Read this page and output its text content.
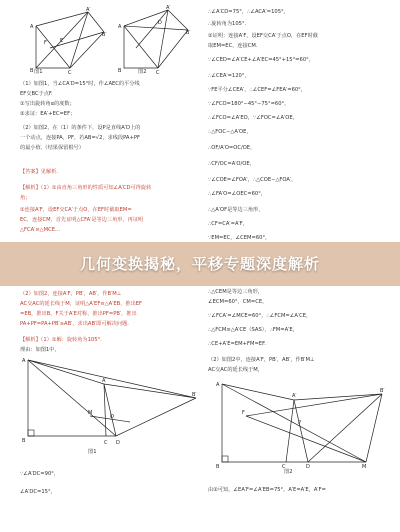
A
B	C
A′
B′
F	E
A
B	C
A′
B′
D
图1	图2
（1）如图1，当∠CA′D=15°时，作∠AEC的平分线
EF交BC于点F.
①写出旋转角α的度数；
②求证：EA′+EC=EF；
（2）如图2，在（1）的条件下，设P是直线A′D上的
一个动点，连接PA，PF，若AB=√2，求线段PA+PF
的最小值.（结果保留根号）
【答案】见解析.
【解析】（1）①由直角三角形的性质可知∠A′CD可得旋转
角；
②连接A′F，设EF交CA′于点O，在EF时截取EM=
EC，连接CM，首先证明△CFA′是等边三角形，再证明
△FCA′≌△MCE…
（2）如图2，连接A′F，PB′，AB′，作B′M⊥
AC交AC的延长线于M，证明△A′EF≌△A′EB，推出EF
=EB，推出B，F关于A′E对称，推出PF=PB′，推出
PA+PF=PA+PB′≥AB′，求出AB′即可解决问题.
【解析】（1）①解：旋转角为105°.
理由：如图1中，
A
B
A′
B′
M
O
C D
图1
∵∠A′DC=90°，
∠A′DC=15°，
∴∠A′CD=75°，∴∠ACA′=105°，
∴旋转角为105°.
②证明：连接A′F，设EF交CA′于点O，在EF时截
取EM=EC，连接CM.
∵∠CED=∠A′CE+∠A′EC=45°+15°=60°，
∴∠CEA′=120°，
∵FE平分∠CEA′，∴∠CEF=∠FEA′=60°，
∵∠FCO=180°−45°−75°=60°，
∴∠FCO=∠A′EO，∵∠FOC=∠A′OE，
∴△FOC∽△A′OE，
∴OF/A′O=OC/OE，
∴CF/OC=A′O/OE，
∵∠COE=∠FOA′，∴△COE∽△FOA′，
∴∠FA′O=∠OEC=60°，
∴△A′OF是等边三角形，
∴CF=CA′=A′F，
∵EM=EC，∠CEM=60°，
∴△CEM是等边三角形，
∠ECM=60°，CM=CE，
∵∠FCA′=∠MCE=60°，∴∠FCM=∠A′CE，
∴△FCM≌△A′CE（SAS），∴FM=A′E，
∴CE+A′E=EM+FM=EF.
（2）如图2中，连接A′F，PB′，AB′，作B′M⊥
AC交AC的延长线于M，
A
B
F
A′
B′
P
C	D	M
图2
由②可知，∠EA′F=∠A′EB=75°，A′E=A′E，A′F=
几何变换揭秘，平移专题深度解析
